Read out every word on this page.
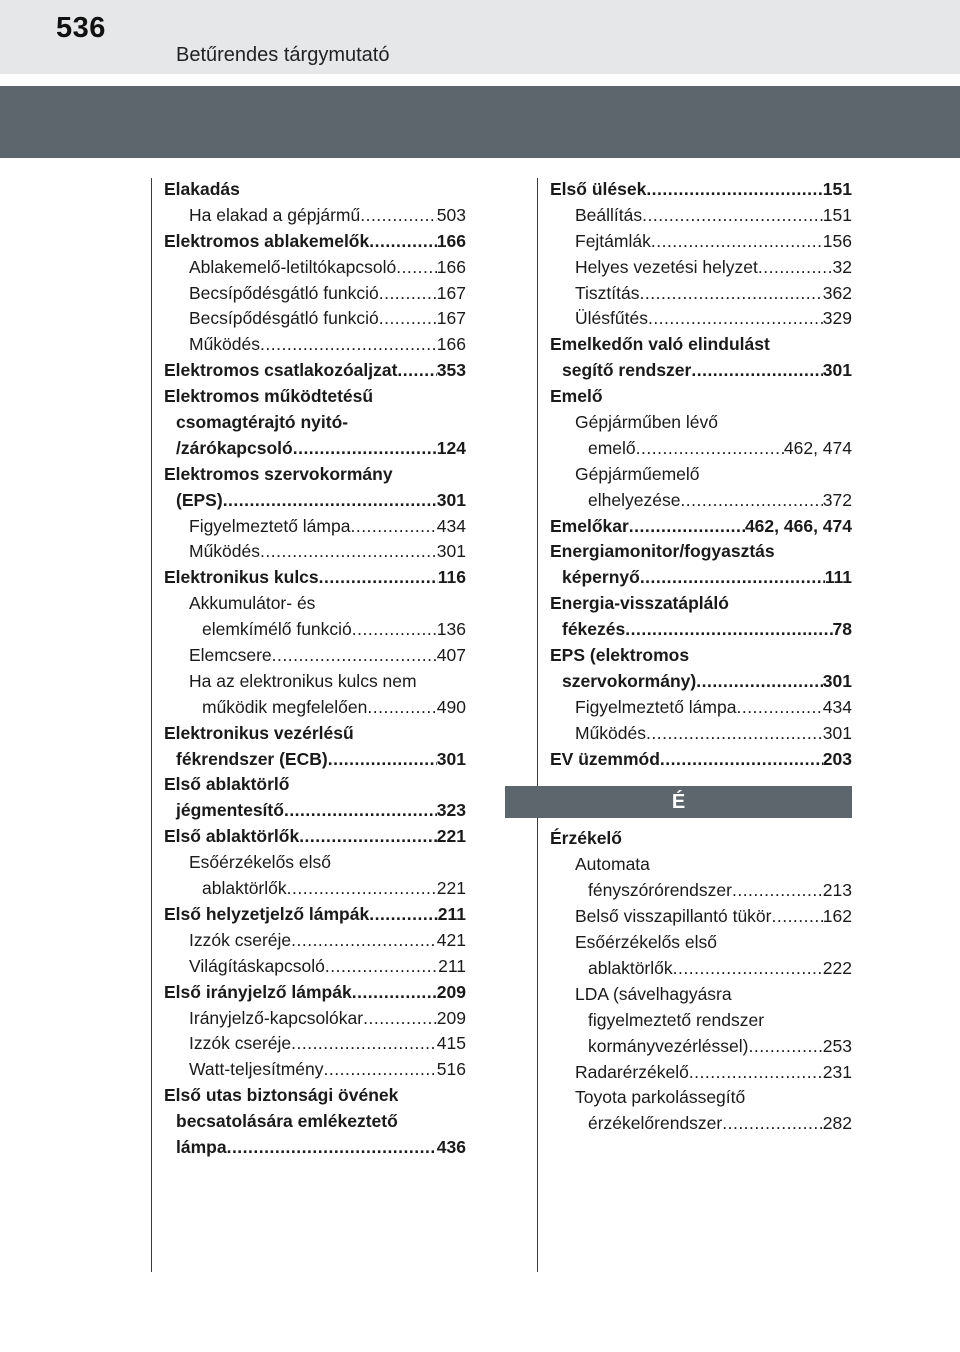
536
Betűrendes tárgymutató
Elakadás
Ha elakad a gépjármű .....	503
Elektromos ablakemelők .....	166
Ablakemelő-letiltókapcsoló ..... 166
Becsípődésgátló funkció .....	167
Becsípődésgátló funkció .....	167
Működés .....	166
Elektromos csatlakozóaljzat ..... 353
Elektromos működtetésű
csomagtérajtó nyitó-
/zárókapcsoló .....	124
Elektromos szervokormány
(EPS) .....	301
Figyelmeztető lámpa .....	434
Működés .....	301
Elektronikus kulcs .....	116
Akkumulátor- és
elemkímélő funkció .....	136
Elemcsere .....	407
Ha az elektronikus kulcs nem
működik megfelelően .....	490
Elektronikus vezérlésű
fékrendszer (ECB) .....	301
Első ablaktörlő
jégmentesítő .....	323
Első ablaktörlők .....	221
Esőérzékelős első
ablaktörlők .....	221
Első helyzetjelző lámpák .....	211
Izzók cseréje .....	421
Világításkapcsoló .....	211
Első irányjelző lámpák .....	209
Irányjelző-kapcsolókar .....	209
Izzók cseréje .....	415
Watt-teljesítmény .....	516
Első utas biztonsági övének
becsatolására emlékeztető
lámpa .....	436
Első ülések .....	151
Beállítás .....	151
Fejtámlák .....	156
Helyes vezetési helyzet .....	32
Tisztítás .....	362
Ülésfűtés .....	329
Emelkedőn való elindulást
segítő rendszer .....	301
Emelő
Gépjárműben lévő
emelő .....	462, 474
Gépjárműemelő
elhelyezése .....	372
Emelőkar .....	462, 466, 474
Energiamonitor/fogyasztás
képernyő .....	111
Energia-visszatápláló
fékezés .....	78
EPS (elektromos
szervokormány) .....	301
Figyelmeztető lámpa .....	434
Működés .....	301
EV üzemmód .....	203
É
Érzékelő
Automata
fényszórórendszer .....	213
Belső visszapillantó tükör .....	162
Esőérzékelős első
ablaktörlők .....	222
LDA (sávelhagyásra
figyelmeztető rendszer
kormányvezérléssel) .....	253
Radarérzékelő .....	231
Toyota parkolássegítő
érzékelőrendszer .....	282
